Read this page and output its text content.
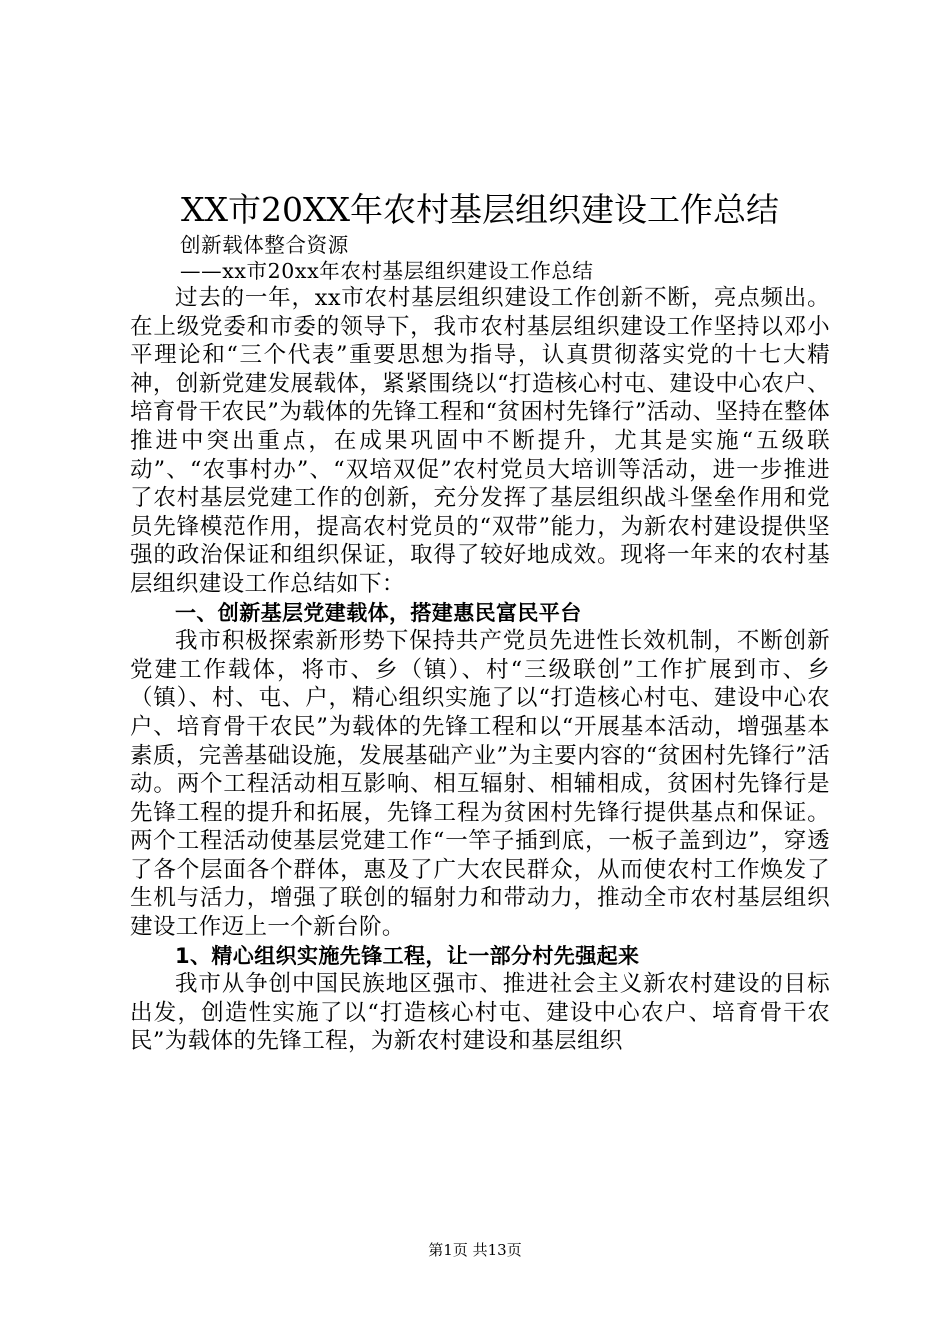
XX市20XX年农村基层组织建设工作总结
创新载体整合资源
——xx市20xx年农村基层组织建设工作总结

过去的一年，xx市农村基层组织建设工作创新不断，亮点频出。在上级党委和市委的领导下，我市农村基层组织建设工作坚持以邓小平理论和“三个代表”重要思想为指导，认真贯彻落实党的十七大精神，创新党建发展载体，紧紧围绕以“打造核心村屯、建设中心农户、培育骨干农民”为载体的先锋工程和“贫困村先锋行”活动、坚持在整体推进中突出重点，在成果巩固中不断提升，尤其是实施“五级联动”、“农事村办”、“双培双促”农村党员大培训等活动，进一步推进了农村基层党建工作的创新，充分发挥了基层组织战斗堡垒作用和党员先锋模范作用，提高农村党员的“双带”能力，为新农村建设提供坚强的政治保证和组织保证，取得了较好地成效。现将一年来的农村基层组织建设工作总结如下：

一、创新基层党建载体，搭建惠民富民平台

我市积极探索新形势下保持共产党员先进性长效机制，不断创新党建工作载体，将市、乡（镇）、村“三级联创”工作扩展到市、乡（镇）、村、屯、户，精心组织实施了以“打造核心村屯、建设中心农户、培育骨干农民”为载体的先锋工程和以“开展基本活动，增强基本素质，完善基础设施，发展基础产业”为主要内容的“贫困村先锋行”活动。两个工程活动相互影响、相互辐射、相辅相成，贫困村先锋行是先锋工程的提升和拓展，先锋工程为贫困村先锋行提供基点和保证。两个工程活动使基层党建工作“一竿子插到底，一板子盖到边”，穿透了各个层面各个群体，惠及了广大农民群众，从而使农村工作焕发了生机与活力，增强了联创的辐射力和带动力，推动全市农村基层组织建设工作迈上一个新台阶。

1、精心组织实施先锋工程，让一部分村先强起来

我市从争创中国民族地区强市、推进社会主义新农村建设的目标出发，创造性实施了以“打造核心村屯、建设中心农户、培育骨干农民”为载体的先锋工程，为新农村建设和基层组织

第1页 共13页
